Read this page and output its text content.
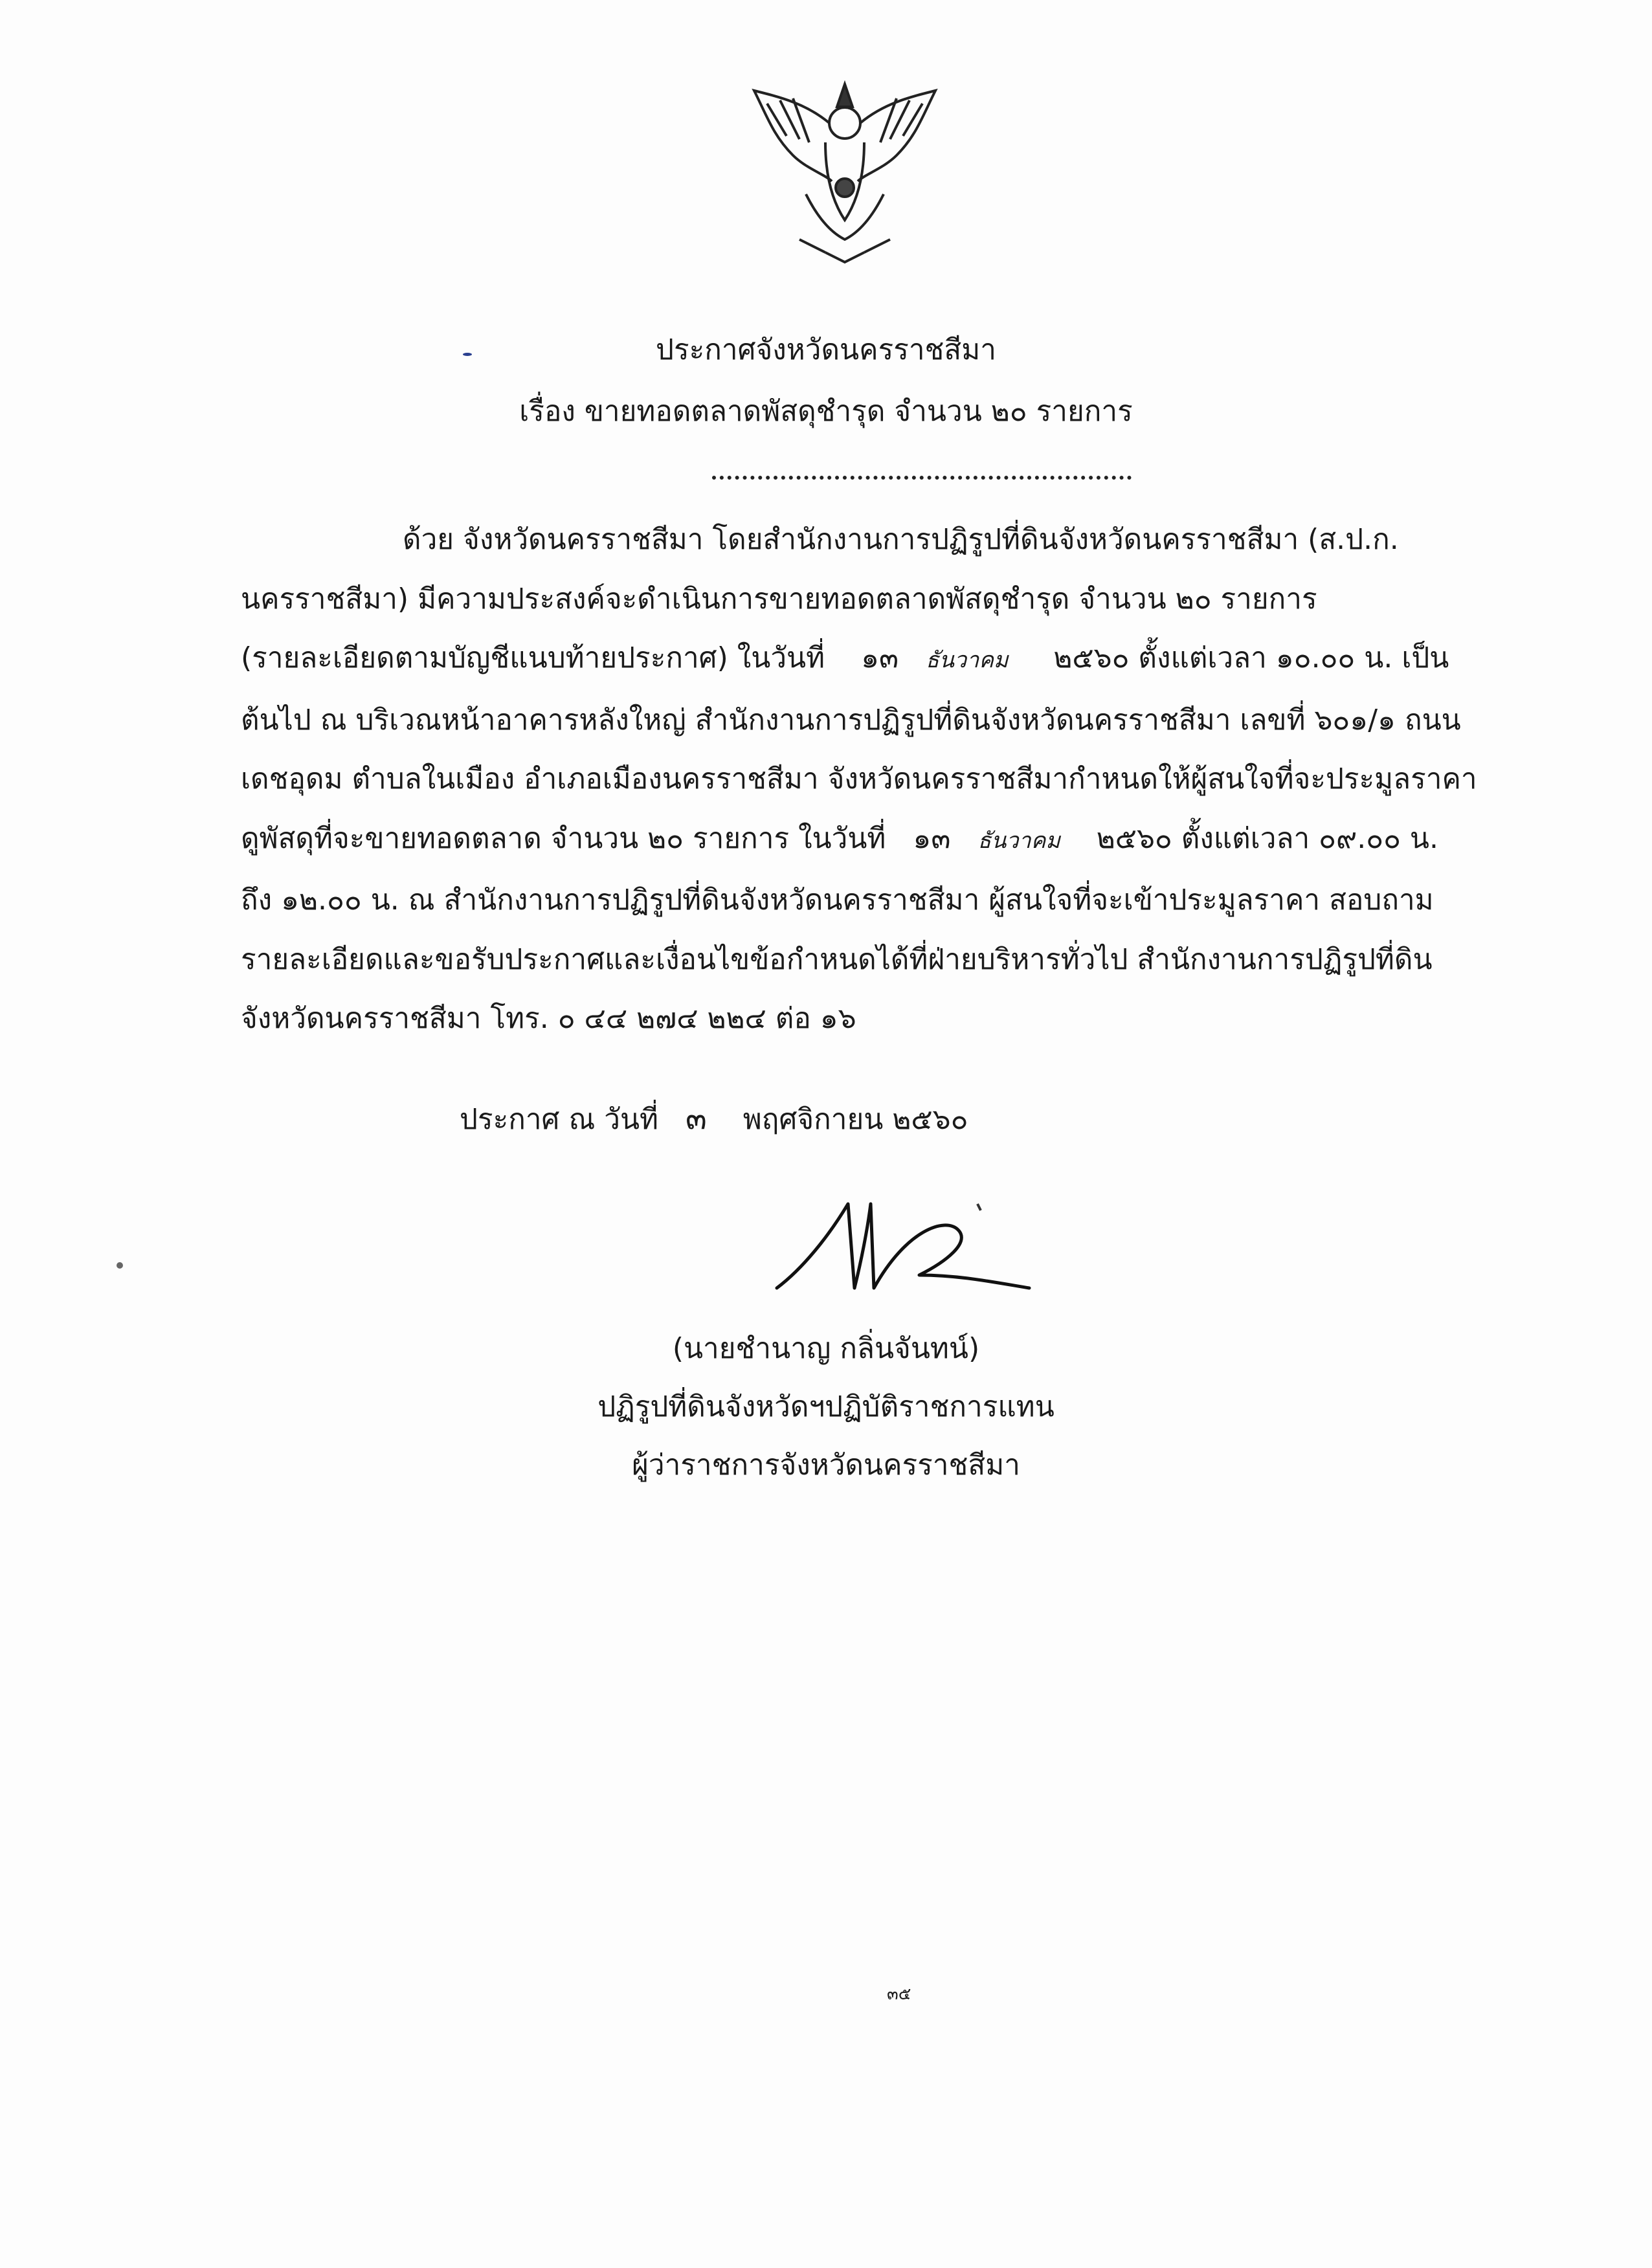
ประกาศจังหวัดนครราชสีมา
เรื่อง ขายทอดตลาดพัสดุชำรุด จำนวน ๒๐ รายการ

ด้วย จังหวัดนครราชสีมา โดยสำนักงานการปฏิรูปที่ดินจังหวัดนครราชสีมา (ส.ป.ก.

นครราชสีมา) มีความประสงค์จะดำเนินการขายทอดตลาดพัสดุชำรุด จำนวน ๒๐ รายการ

(รายละเอียดตามบัญชีแนบท้ายประกาศ) ในวันที่ ๑๓ ธันวาคม ๒๕๖๐ ตั้งแต่เวลา ๑๐.๐๐ น. เป็น

ต้นไป ณ บริเวณหน้าอาคารหลังใหญ่ สำนักงานการปฏิรูปที่ดินจังหวัดนครราชสีมา เลขที่ ๖๐๑/๑ ถนน

เดชอุดม ตำบลในเมือง อำเภอเมืองนครราชสีมา จังหวัดนครราชสีมากำหนดให้ผู้สนใจที่จะประมูลราคา

ดูพัสดุที่จะขายทอดตลาด จำนวน ๒๐ รายการ ในวันที่ ๑๓ ธันวาคม ๒๕๖๐ ตั้งแต่เวลา ๐๙.๐๐ น.

ถึง ๑๒.๐๐ น. ณ สำนักงานการปฏิรูปที่ดินจังหวัดนครราชสีมา ผู้สนใจที่จะเข้าประมูลราคา สอบถาม

รายละเอียดและขอรับประกาศและเงื่อนไขข้อกำหนดได้ที่ฝ่ายบริหารทั่วไป สำนักงานการปฏิรูปที่ดิน

จังหวัดนครราชสีมา โทร. ๐ ๔๔ ๒๗๔ ๒๒๔ ต่อ ๑๖

ประกาศ ณ วันที่ ๓ พฤศจิกายน ๒๕๖๐
(นายชำนาญ กลิ่นจันทน์)
ปฏิรูปที่ดินจังหวัดฯปฏิบัติราชการแทน
ผู้ว่าราชการจังหวัดนครราชสีมา
๓๕
